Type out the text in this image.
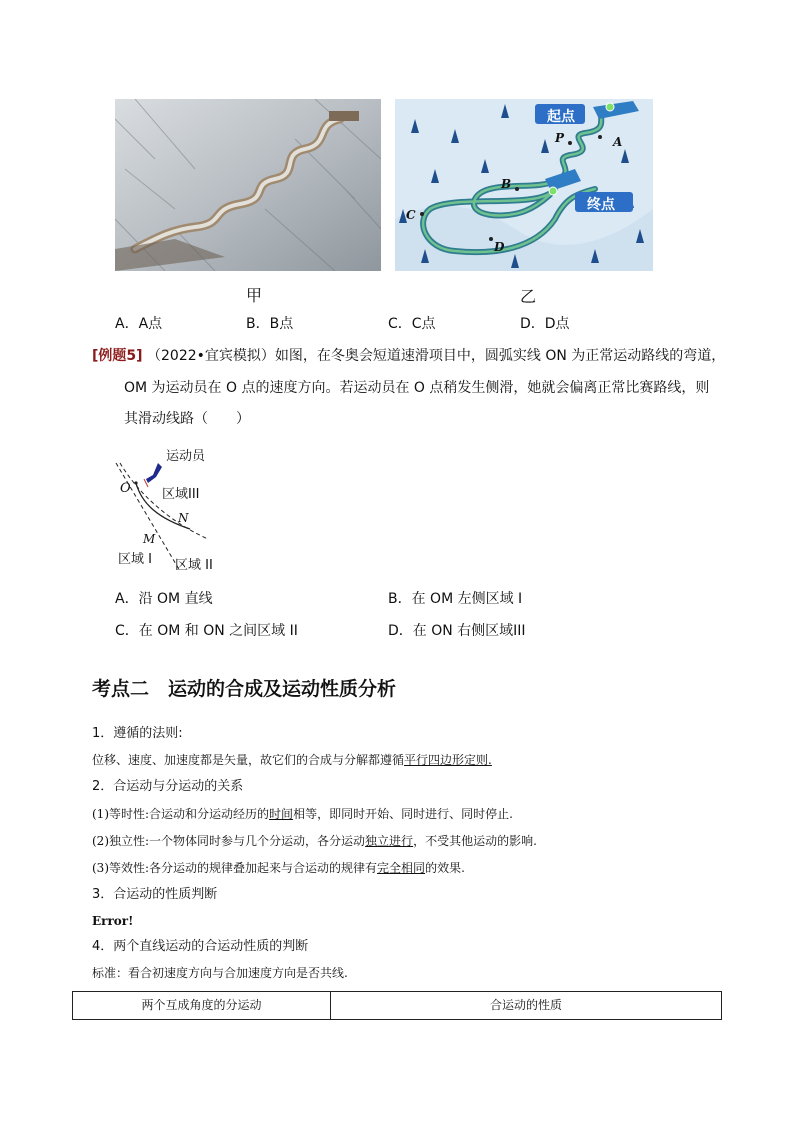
起点
终点
P	A
B
C
D
甲	乙
A．A点	B．B点	C．C点	D．D点
[例题5] （2022•宜宾模拟）如图，在冬奥会短道速滑项目中，圆弧实线 ON 为正常运动路线的弯道，
OM 为运动员在 O 点的速度方向。若运动员在 O 点稍发生侧滑，她就会偏离正常比赛路线，则
其滑动线路（　　）
运动员
O 区域III
N
M
区域 I 区域 II
A．沿 OM 直线	B．在 OM 左侧区域 I
C．在 OM 和 ON 之间区域 II	D．在 ON 右侧区域III
考点二　运动的合成及运动性质分析
1．遵循的法则:
位移、速度、加速度都是矢量，故它们的合成与分解都遵循平行四边形定则.
2．合运动与分运动的关系
(1)等时性:合运动和分运动经历的时间相等，即同时开始、同时进行、同时停止.
(2)独立性:一个物体同时参与几个分运动，各分运动独立进行，不受其他运动的影响.
(3)等效性:各分运动的规律叠加起来与合运动的规律有完全相同的效果.
3．合运动的性质判断
Error!
4．两个直线运动的合运动性质的判断
标准：看合初速度方向与合加速度方向是否共线.
两个互成角度的分运动	合运动的性质
